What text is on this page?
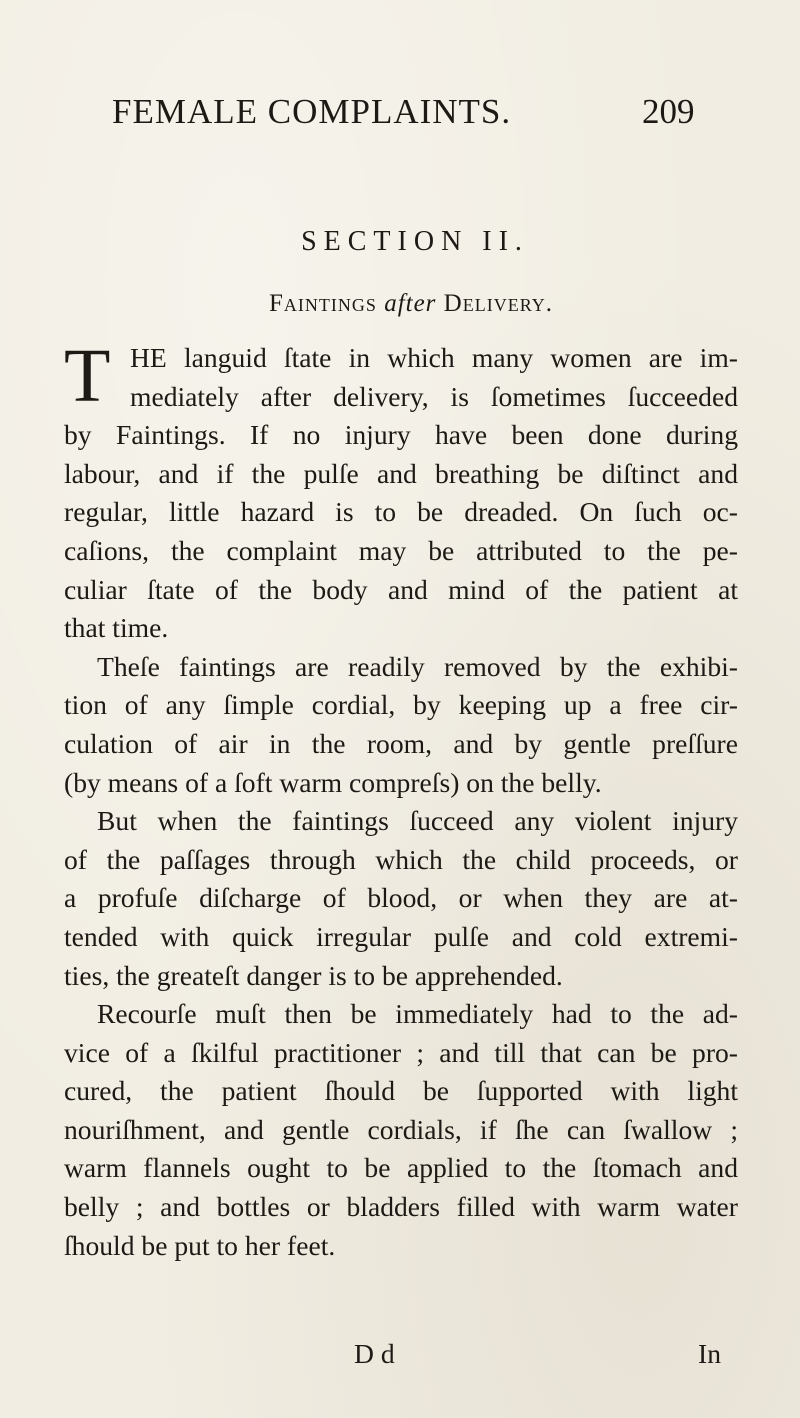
FEMALE COMPLAINTS.	209
SECTION II.
Faintings after Delivery.
T HE languid ſtate in which many women are im-
mediately after delivery, is ſometimes ſucceeded
by Faintings. If no injury have been done during
labour, and if the pulſe and breathing be diſtinct and
regular, little hazard is to be dreaded. On ſuch oc-
caſions, the complaint may be attributed to the pe-
culiar ſtate of the body and mind of the patient at
that time.
Theſe faintings are readily removed by the exhibi-
tion of any ſimple cordial, by keeping up a free cir-
culation of air in the room, and by gentle preſſure
(by means of a ſoft warm compreſs) on the belly.
But when the faintings ſucceed any violent injury
of the paſſages through which the child proceeds, or
a profuſe diſcharge of blood, or when they are at-
tended with quick irregular pulſe and cold extremi-
ties, the greateſt danger is to be apprehended.
Recourſe muſt then be immediately had to the ad-
vice of a ſkilful practitioner ; and till that can be pro-
cured, the patient ſhould be ſupported with light
nouriſhment, and gentle cordials, if ſhe can ſwallow ;
warm flannels ought to be applied to the ſtomach and
belly ; and bottles or bladders filled with warm water
ſhould be put to her feet.
D d	In
